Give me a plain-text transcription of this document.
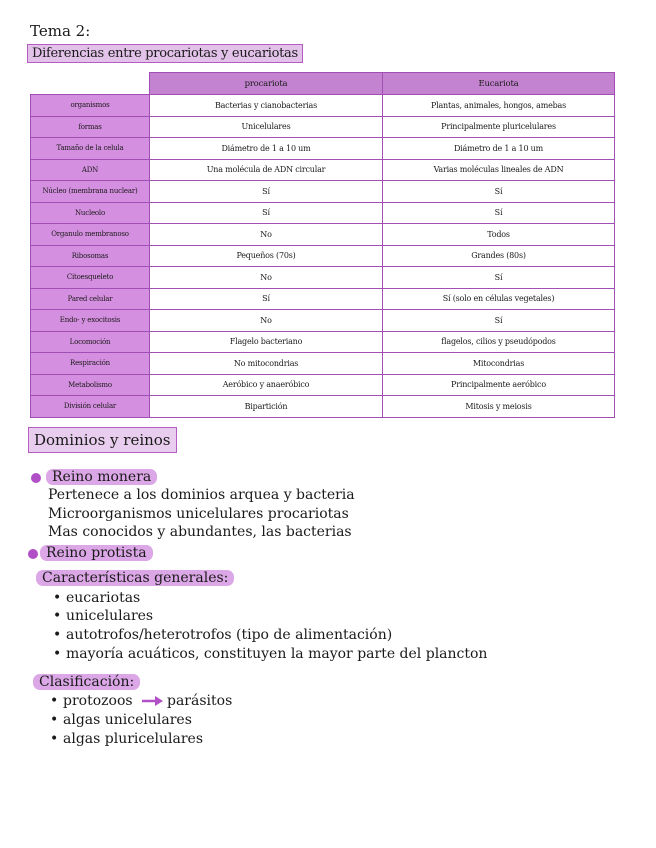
Tema 2:
Diferencias entre procariotas y eucariotas
	procariota	Eucariota
organismos	Bacterias y cianobacterias	Plantas, animales, hongos, amebas
formas	Unicelulares	Principalmente pluricelulares
Tamaño de la celula	Diámetro de 1 a 10 um	Diámetro de 1 a 10 um
ADN	Una molécula de ADN circular	Varias moléculas lineales de ADN
Núcleo (membrana nuclear)	Sí	Sí
Nucleolo	Sí	Sí
Organulo membranoso	No	Todos
Ribosomas	Pequeños (70s)	Grandes (80s)
Citoesqueleto	No	Sí
Pared celular	Sí	Sí (solo en células vegetales)
Endo- y exocitosis	No	Sí
Locomoción	Flagelo bacteriano	flagelos, cilios y pseudópodos
Respiración	No mitocondrias	Mitocondrias
Metabolismo	Aeróbico y anaeróbico	Principalmente aeróbico
División celular	Bipartición	Mitosis y meiosis
Dominios y reinos
Reino monera
Pertenece a los dominios arquea y bacteria
Microorganismos unicelulares procariotas
Mas conocidos y abundantes, las bacterias
Reino protista
Características generales:
• eucariotas
• unicelulares
• autotrofos/heterotrofos (tipo de alimentación)
• mayoría acuáticos, constituyen la mayor parte del plancton
Clasificación:
• protozoos parásitos
• algas unicelulares
• algas pluricelulares
